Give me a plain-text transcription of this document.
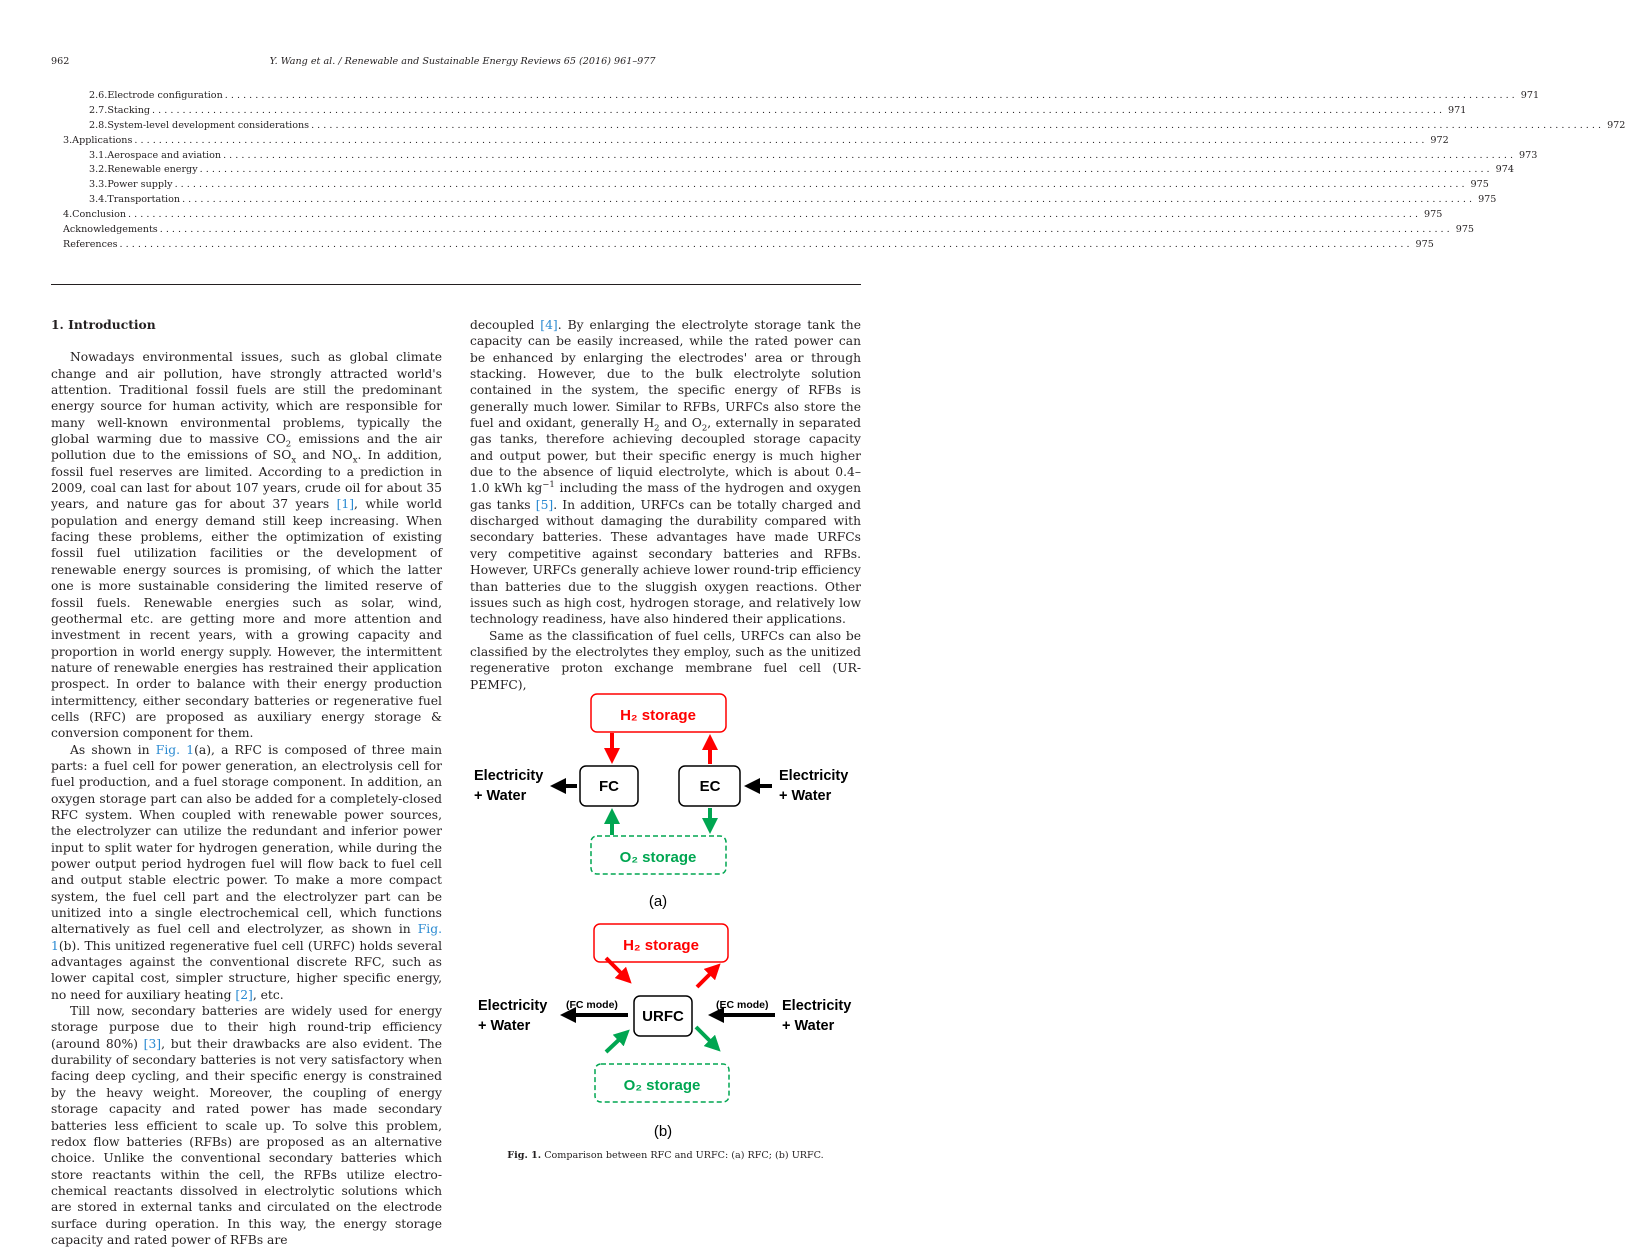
962	Y. Wang et al. / Renewable and Sustainable Energy Reviews 65 (2016) 961–977
2.6. Electrode configuration . . .	971
2.7. Stacking . . .	971
2.8. System-level development considerations . . .	972
3. Applications . . .	972
3.1. Aerospace and aviation . . .	973
3.2. Renewable energy . . .	974
3.3. Power supply . . .	975
3.4. Transportation . . .	975
4. Conclusion . . .	975
Acknowledgements . . .	975
References . . .	975
1. Introduction

Nowadays environmental issues, such as global climate change and air pollution, have strongly attracted world's attention. Traditional fossil fuels are still the predominant energy source for human activity, which are responsible for many well-known environmental problems, typically the global warming due to massive $CO_2$ emissions and the air pollution due to the emissions of $SO_x$ and $NO_x$. In addition, fossil fuel reserves are limited. According to a prediction in 2009, coal can last for about 107 years, crude oil for about 35 years, and nature gas for about 37 years [1], while world population and energy demand still keep increasing. When facing these problems, either the optimization of existing fossil fuel utilization facilities or the development of renewable energy sources is promising, of which the latter one is more sustainable considering the limited reserve of fossil fuels. Renewable energies such as solar, wind, geothermal etc. are getting more and more attention and investment in recent years, with a growing capacity and proportion in world energy supply. However, the intermittent nature of renewable energies has restrained their application prospect. In order to balance with their energy production intermittency, either secondary batteries or regenerative fuel cells (RFC) are proposed as auxiliary energy storage & conversion component for them.

As shown in Fig. 1(a), a RFC is composed of three main parts: a fuel cell for power generation, an electrolysis cell for fuel production, and a fuel storage component. In addition, an oxygen storage part can also be added for a completely-closed RFC system. When coupled with renewable power sources, the electrolyzer can utilize the redundant and inferior power input to split water for hydrogen generation, while during the power output period hydrogen fuel will flow back to fuel cell and output stable electric power. To make a more compact system, the fuel cell part and the electrolyzer part can be unitized into a single electrochemical cell, which functions alternatively as fuel cell and electrolyzer, as shown in Fig. 1(b). This unitized regenerative fuel cell (URFC) holds several advantages against the conventional discrete RFC, such as lower capital cost, simpler structure, higher specific energy, no need for auxiliary heating [2], etc.

Till now, secondary batteries are widely used for energy storage purpose due to their high round-trip efficiency (around 80%) [3], but their drawbacks are also evident. The durability of secondary batteries is not very satisfactory when facing deep cycling, and their specific energy is constrained by the heavy weight. Moreover, the coupling of energy storage capacity and rated power has made secondary batteries less efficient to scale up. To solve this problem, redox flow batteries (RFBs) are proposed as an alternative choice. Unlike the conventional secondary batteries which store reactants within the cell, the RFBs utilize electro-chemical reactants dissolved in electrolytic solutions which are stored in external tanks and circulated on the electrode surface during operation. In this way, the energy storage capacity and rated power of RFBs are

decoupled [4]. By enlarging the electrolyte storage tank the capacity can be easily increased, while the rated power can be enhanced by enlarging the electrodes' area or through stacking. However, due to the bulk electrolyte solution contained in the system, the specific energy of RFBs is generally much lower. Similar to RFBs, URFCs also store the fuel and oxidant, generally $H_2$ and $O_2$, externally in separated gas tanks, therefore achieving decoupled storage capacity and output power, but their specific energy is much higher due to the absence of liquid electrolyte, which is about 0.4–1.0 kWh $kg^{-1}$ including the mass of the hydrogen and oxygen gas tanks [5]. In addition, URFCs can be totally charged and discharged without damaging the durability compared with secondary batteries. These advantages have made URFCs very competitive against secondary batteries and RFBs. However, URFCs generally achieve lower round-trip efficiency than batteries due to the sluggish oxygen reactions. Other issues such as high cost, hydrogen storage, and relatively low technology readiness, have also hindered their applications.

Same as the classification of fuel cells, URFCs can also be classified by the electrolytes they employ, such as the unitized regenerative proton exchange membrane fuel cell (UR-PEMFC),

H₂ storage
FC	EC
O₂ storage
Electricity
+ Water
Electricity
+ Water
(a)
H₂ storage
URFC
O₂ storage
(FC mode)	(EC mode)
Electricity
+ Water
Electricity
+ Water
(b)
Fig. 1. Comparison between RFC and URFC: (a) RFC; (b) URFC.
